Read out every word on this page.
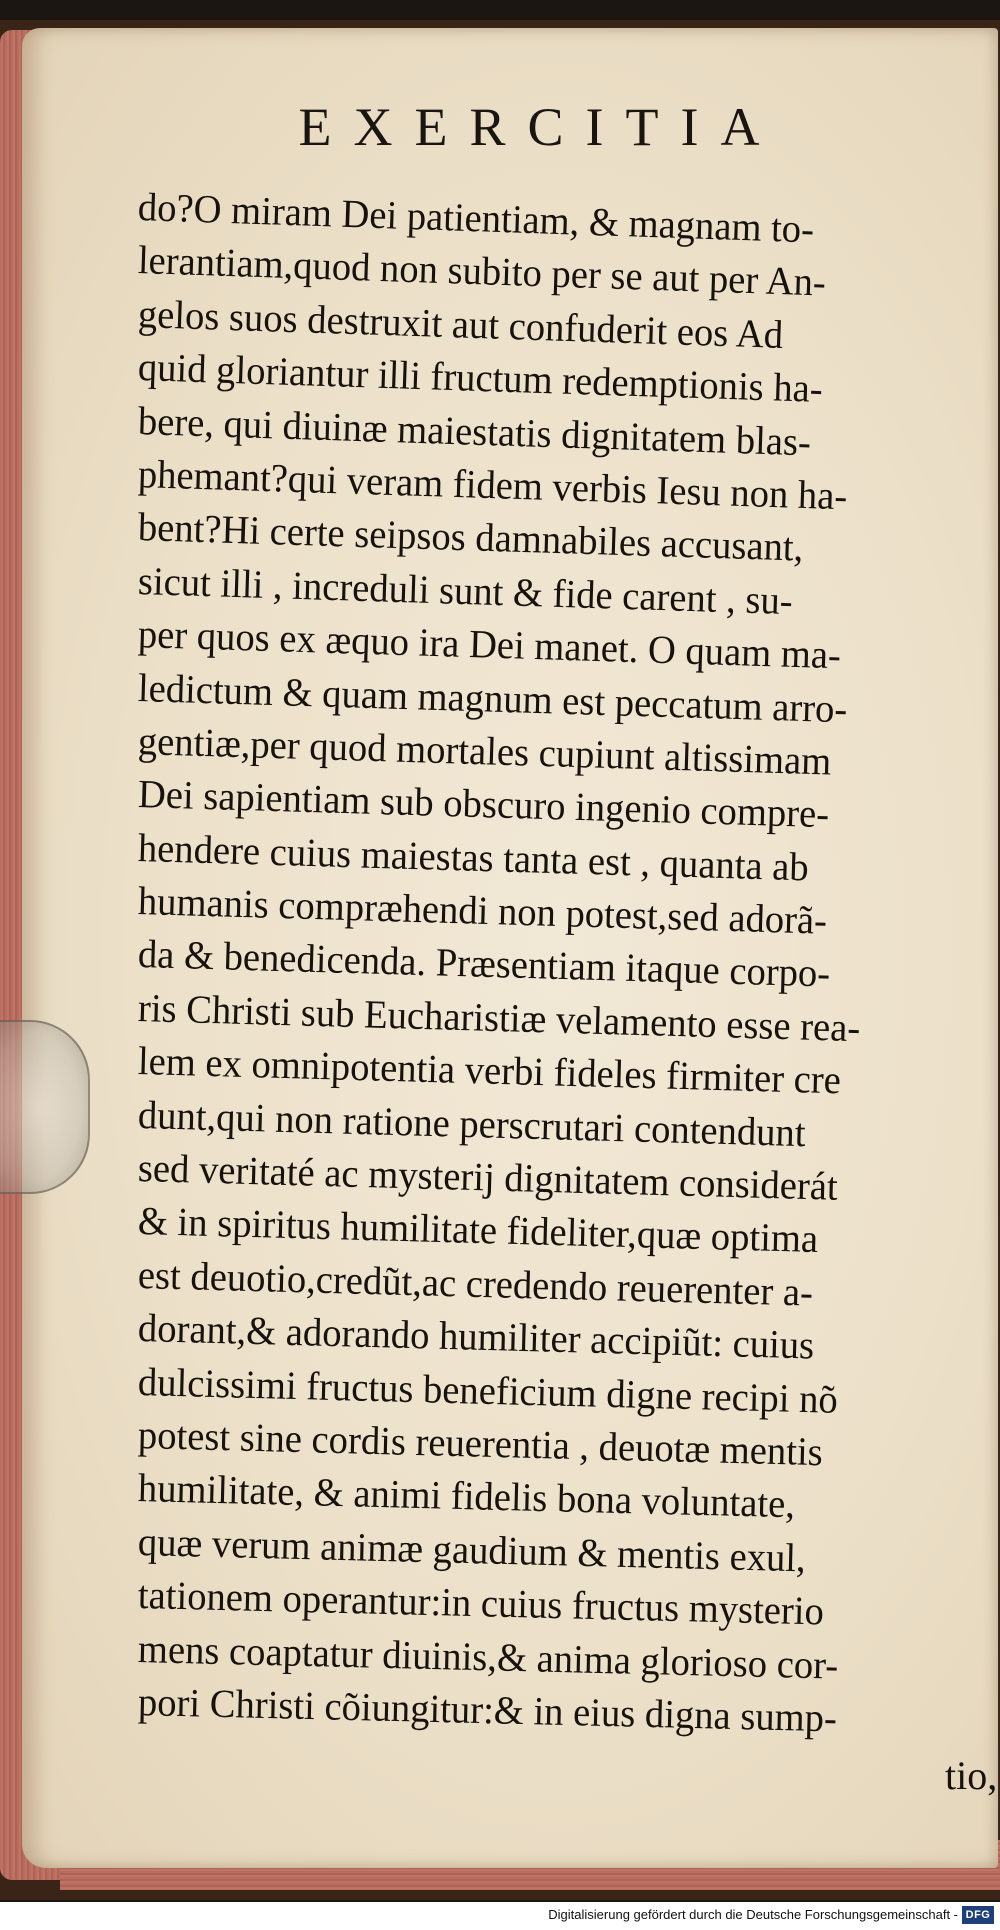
EXERCITIA
do?O miram Dei patientiam, & magnam to-
lerantiam,quod non subito per se aut per An-
gelos suos destruxit aut confuderit eos Ad
quid gloriantur illi fructum redemptionis ha-
bere, qui diuinæ maiestatis dignitatem blas-
phemant?qui veram fidem verbis Iesu non ha-
bent?Hi certe seipsos damnabiles accusant,
sicut illi , increduli sunt & fide carent , su-
per quos ex æquo ira Dei manet. O quam ma-
ledictum & quam magnum est peccatum arro-
gentiæ,per quod mortales cupiunt altissimam
Dei sapientiam sub obscuro ingenio compre-
hendere cuius maiestas tanta est , quanta ab
humanis compræhendi non potest,sed adorã-
da & benedicenda. Præsentiam itaque corpo-
ris Christi sub Eucharistiæ velamento esse rea-
lem ex omnipotentia verbi fideles firmiter cre
dunt,qui non ratione perscrutari contendunt
sed veritaté ac mysterij dignitatem considerát
& in spiritus humilitate fideliter,quæ optima
est deuotio,credũt,ac credendo reuerenter a-
dorant,& adorando humiliter accipiũt: cuius
dulcissimi fructus beneficium digne recipi nõ
potest sine cordis reuerentia , deuotæ mentis
humilitate, & animi fidelis bona voluntate,
quæ verum animæ gaudium & mentis exul,
tationem operantur:in cuius fructus mysterio
mens coaptatur diuinis,& anima glorioso cor-
pori Christi cõiungitur:& in eius digna sump-
tio,
Digitalisierung gefördert durch die Deutsche Forschungsgemeinschaft - DFG
